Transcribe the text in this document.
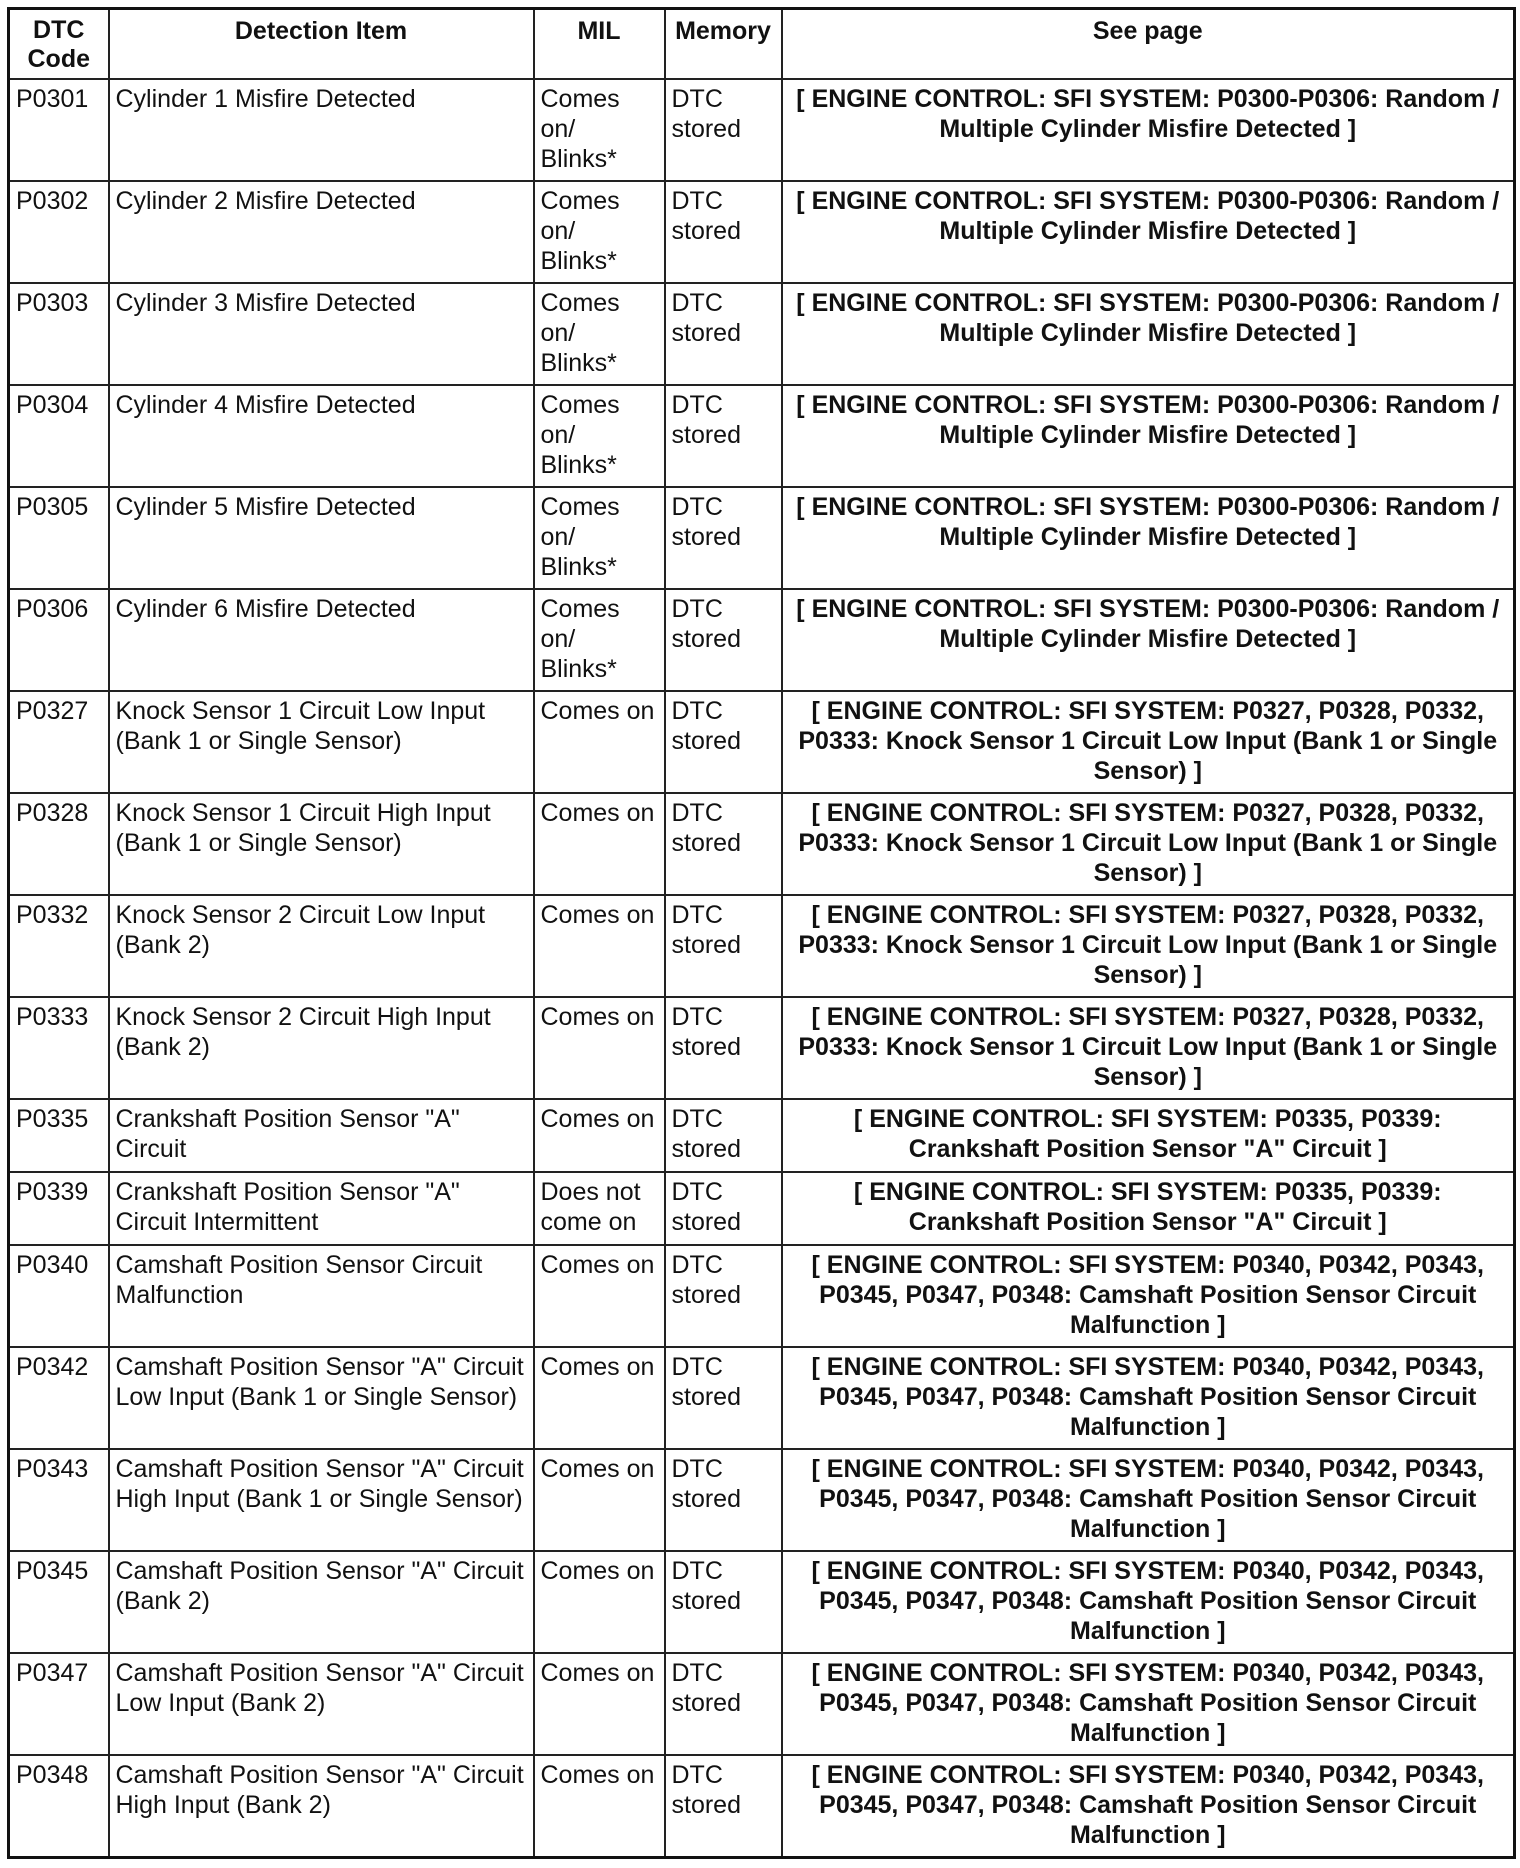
DTC Code	Detection Item	MIL	Memory	See page
P0301	Cylinder 1 Misfire Detected	Comes on/ Blinks*	DTC stored	[ ENGINE CONTROL: SFI SYSTEM: P0300-P0306: Random / Multiple Cylinder Misfire Detected ]
P0302	Cylinder 2 Misfire Detected	Comes on/ Blinks*	DTC stored	[ ENGINE CONTROL: SFI SYSTEM: P0300-P0306: Random / Multiple Cylinder Misfire Detected ]
P0303	Cylinder 3 Misfire Detected	Comes on/ Blinks*	DTC stored	[ ENGINE CONTROL: SFI SYSTEM: P0300-P0306: Random / Multiple Cylinder Misfire Detected ]
P0304	Cylinder 4 Misfire Detected	Comes on/ Blinks*	DTC stored	[ ENGINE CONTROL: SFI SYSTEM: P0300-P0306: Random / Multiple Cylinder Misfire Detected ]
P0305	Cylinder 5 Misfire Detected	Comes on/ Blinks*	DTC stored	[ ENGINE CONTROL: SFI SYSTEM: P0300-P0306: Random / Multiple Cylinder Misfire Detected ]
P0306	Cylinder 6 Misfire Detected	Comes on/ Blinks*	DTC stored	[ ENGINE CONTROL: SFI SYSTEM: P0300-P0306: Random / Multiple Cylinder Misfire Detected ]
P0327	Knock Sensor 1 Circuit Low Input (Bank 1 or Single Sensor)	Comes on	DTC stored	[ ENGINE CONTROL: SFI SYSTEM: P0327, P0328, P0332, P0333: Knock Sensor 1 Circuit Low Input (Bank 1 or Single Sensor) ]
P0328	Knock Sensor 1 Circuit High Input (Bank 1 or Single Sensor)	Comes on	DTC stored	[ ENGINE CONTROL: SFI SYSTEM: P0327, P0328, P0332, P0333: Knock Sensor 1 Circuit Low Input (Bank 1 or Single Sensor) ]
P0332	Knock Sensor 2 Circuit Low Input (Bank 2)	Comes on	DTC stored	[ ENGINE CONTROL: SFI SYSTEM: P0327, P0328, P0332, P0333: Knock Sensor 1 Circuit Low Input (Bank 1 or Single Sensor) ]
P0333	Knock Sensor 2 Circuit High Input (Bank 2)	Comes on	DTC stored	[ ENGINE CONTROL: SFI SYSTEM: P0327, P0328, P0332, P0333: Knock Sensor 1 Circuit Low Input (Bank 1 or Single Sensor) ]
P0335	Crankshaft Position Sensor "A" Circuit	Comes on	DTC stored	[ ENGINE CONTROL: SFI SYSTEM: P0335, P0339: Crankshaft Position Sensor "A" Circuit ]
P0339	Crankshaft Position Sensor "A" Circuit Intermittent	Does not come on	DTC stored	[ ENGINE CONTROL: SFI SYSTEM: P0335, P0339: Crankshaft Position Sensor "A" Circuit ]
P0340	Camshaft Position Sensor Circuit Malfunction	Comes on	DTC stored	[ ENGINE CONTROL: SFI SYSTEM: P0340, P0342, P0343, P0345, P0347, P0348: Camshaft Position Sensor Circuit Malfunction ]
P0342	Camshaft Position Sensor "A" Circuit Low Input (Bank 1 or Single Sensor)	Comes on	DTC stored	[ ENGINE CONTROL: SFI SYSTEM: P0340, P0342, P0343, P0345, P0347, P0348: Camshaft Position Sensor Circuit Malfunction ]
P0343	Camshaft Position Sensor "A" Circuit High Input (Bank 1 or Single Sensor)	Comes on	DTC stored	[ ENGINE CONTROL: SFI SYSTEM: P0340, P0342, P0343, P0345, P0347, P0348: Camshaft Position Sensor Circuit Malfunction ]
P0345	Camshaft Position Sensor "A" Circuit (Bank 2)	Comes on	DTC stored	[ ENGINE CONTROL: SFI SYSTEM: P0340, P0342, P0343, P0345, P0347, P0348: Camshaft Position Sensor Circuit Malfunction ]
P0347	Camshaft Position Sensor "A" Circuit Low Input (Bank 2)	Comes on	DTC stored	[ ENGINE CONTROL: SFI SYSTEM: P0340, P0342, P0343, P0345, P0347, P0348: Camshaft Position Sensor Circuit Malfunction ]
P0348	Camshaft Position Sensor "A" Circuit High Input (Bank 2)	Comes on	DTC stored	[ ENGINE CONTROL: SFI SYSTEM: P0340, P0342, P0343, P0345, P0347, P0348: Camshaft Position Sensor Circuit Malfunction ]
